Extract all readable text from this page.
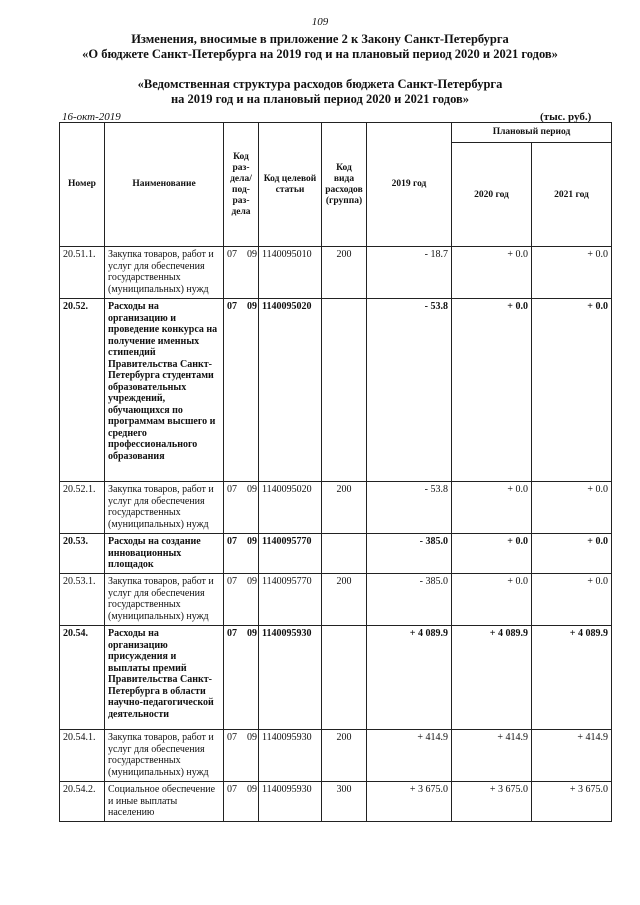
109
Изменения, вносимые в приложение 2 к Закону Санкт-Петербурга
«О бюджете Санкт-Петербурга на 2019 год и на плановый период 2020 и 2021 годов»
«Ведомственная структура расходов бюджета Санкт-Петербурга
на 2019 год и на плановый период 2020 и 2021 годов»
16-окт-2019	(тыс. руб.)
Номер	Наименование	Код раз-дела/ под-раз-дела	Код целевой статьи	Код вида расходов (группа)	2019 год	Плановый период	
						2020 год	2021 год
20.51.1.	Закупка товаров, работ и услуг для обеспечения государственных (муниципальных) нужд	07 09	1140095010	200	- 18.7	+ 0.0	+ 0.0
20.52.	Расходы на организацию и проведение конкурса на получение именных стипендий Правительства Санкт-Петербурга студентами образовательных учреждений, обучающихся по программам высшего и среднего профессионального образования	07 09	1140095020		- 53.8	+ 0.0	+ 0.0
20.52.1.	Закупка товаров, работ и услуг для обеспечения государственных (муниципальных) нужд	07 09	1140095020	200	- 53.8	+ 0.0	+ 0.0
20.53.	Расходы на создание инновационных площадок	07 09	1140095770		- 385.0	+ 0.0	+ 0.0
20.53.1.	Закупка товаров, работ и услуг для обеспечения государственных (муниципальных) нужд	07 09	1140095770	200	- 385.0	+ 0.0	+ 0.0
20.54.	Расходы на организацию присуждения и выплаты премий Правительства Санкт-Петербурга в области научно-педагогической деятельности	07 09	1140095930		+ 4 089.9	+ 4 089.9	+ 4 089.9
20.54.1.	Закупка товаров, работ и услуг для обеспечения государственных (муниципальных) нужд	07 09	1140095930	200	+ 414.9	+ 414.9	+ 414.9
20.54.2.	Социальное обеспечение и иные выплаты населению	07 09	1140095930	300	+ 3 675.0	+ 3 675.0	+ 3 675.0
